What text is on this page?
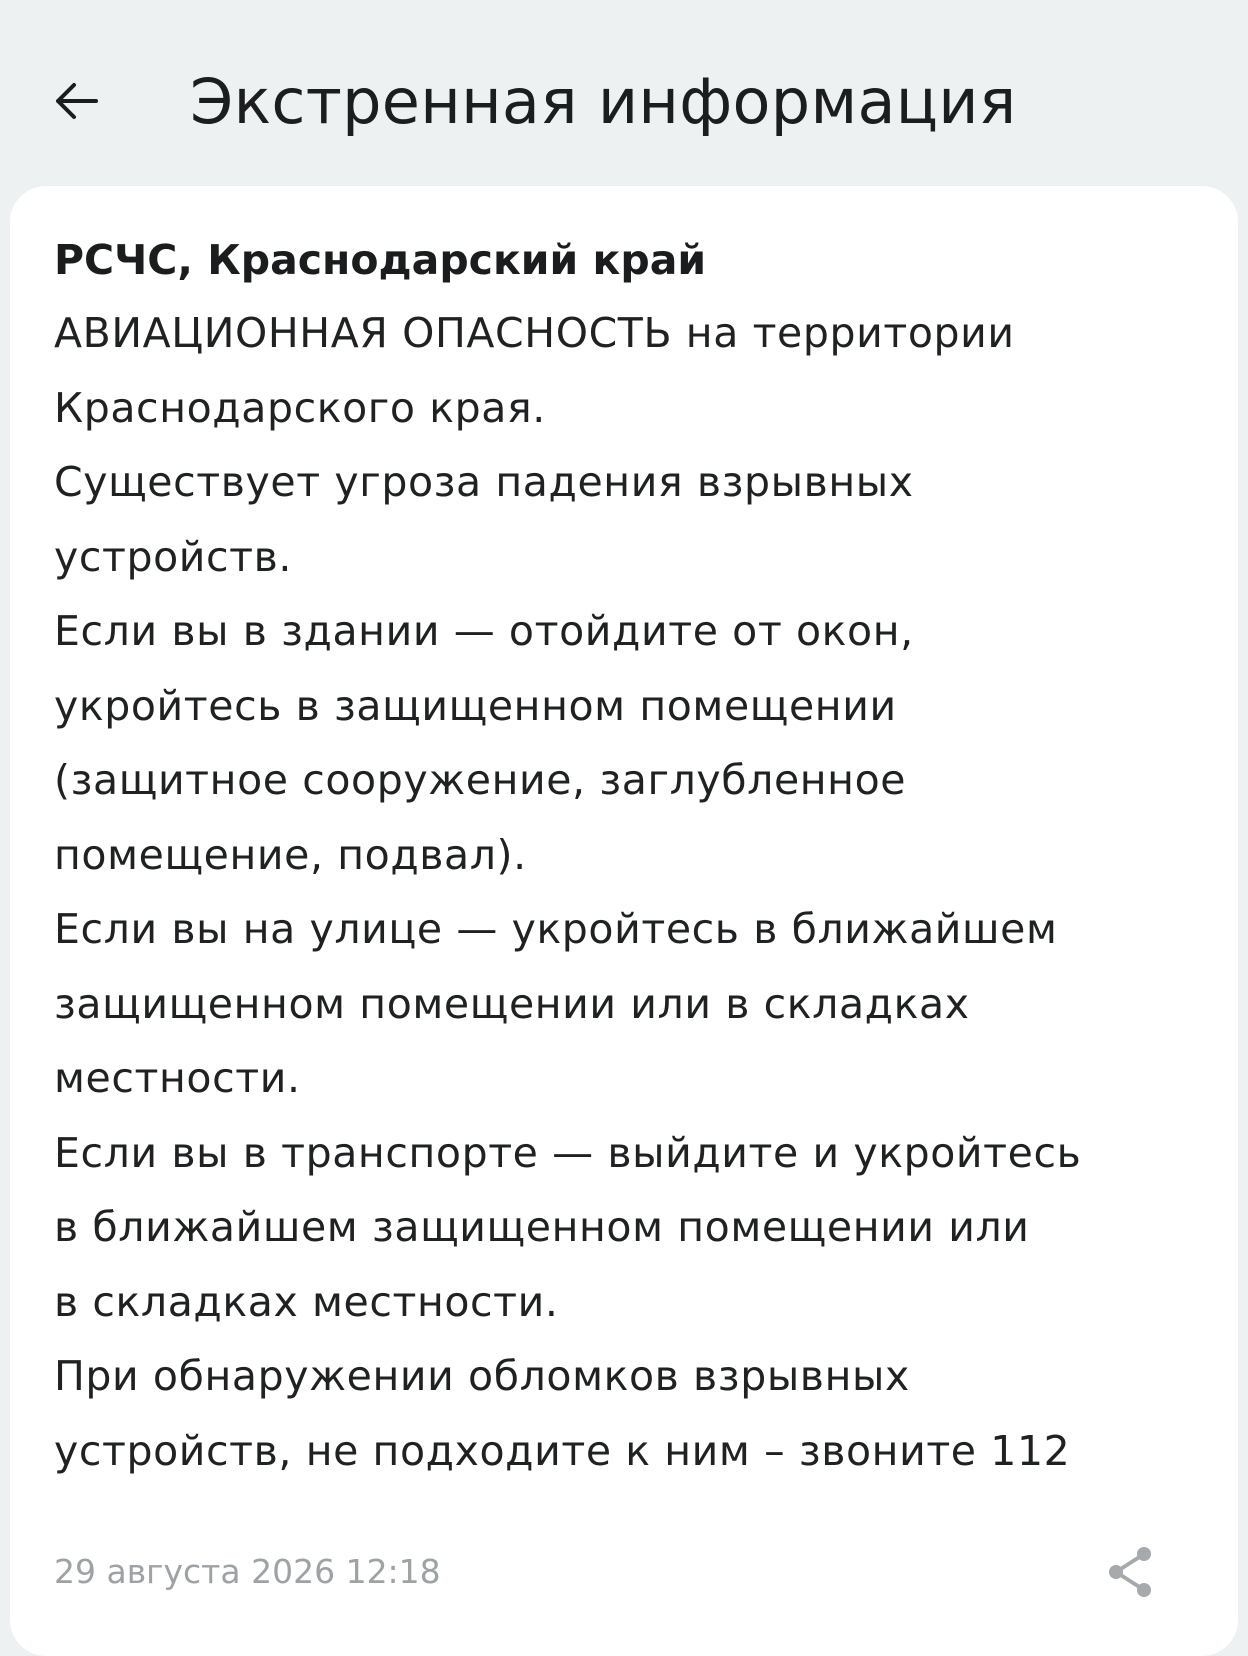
Экстренная информация
РСЧС, Краснодарский край
АВИАЦИОННАЯ ОПАСНОСТЬ на территории
Краснодарского края.
Существует угроза падения взрывных
устройств.
Если вы в здании — отойдите от окон,
укройтесь в защищенном помещении
(защитное сооружение, заглубленное
помещение, подвал).
Если вы на улице — укройтесь в ближайшем
защищенном помещении или в складках
местности.
Если вы в транспорте — выйдите и укройтесь
в ближайшем защищенном помещении или
в складках местности.
При обнаружении обломков взрывных
устройств, не подходите к ним – звоните 112
29 августа 2026 12:18
